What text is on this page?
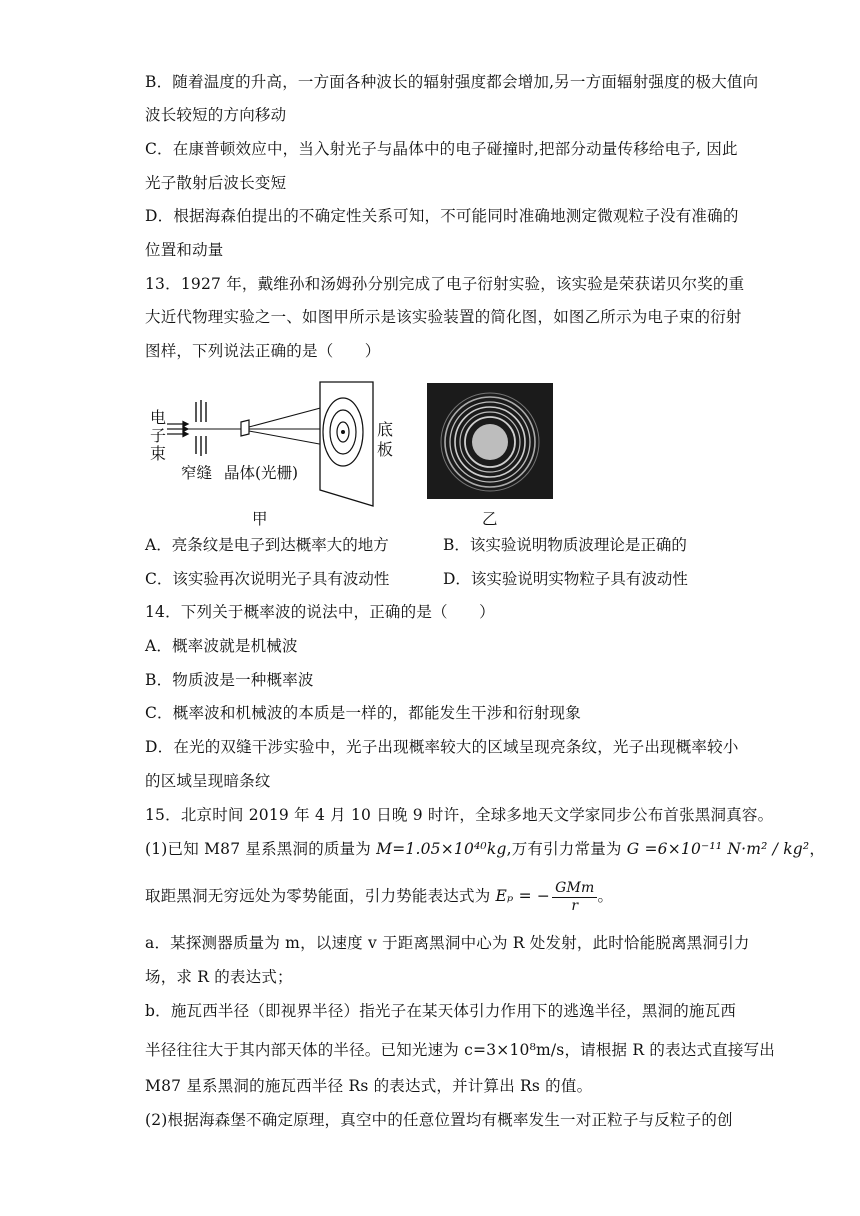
B．随着温度的升高，一方面各种波长的辐射强度都会增加,另一方面辐射强度的极大值向
波长较短的方向移动
C．在康普顿效应中，当入射光子与晶体中的电子碰撞时,把部分动量传移给电子, 因此
光子散射后波长变短
D．根据海森伯提出的不确定性关系可知，不可能同时准确地测定微观粒子没有准确的
位置和动量
13．1927 年，戴维孙和汤姆孙分别完成了电子衍射实验，该实验是荣获诺贝尔奖的重
大近代物理实验之一、如图甲所示是该实验装置的简化图，如图乙所示为电子束的衍射
图样，下列说法正确的是（　　）
电
子
束
窄缝 晶体(光栅)
底
板
甲	乙
A．亮条纹是电子到达概率大的地方	B．该实验说明物质波理论是正确的
C．该实验再次说明光子具有波动性	D．该实验说明实物粒子具有波动性
14．下列关于概率波的说法中，正确的是（　　）
A．概率波就是机械波
B．物质波是一种概率波
C．概率波和机械波的本质是一样的，都能发生干涉和衍射现象
D．在光的双缝干涉实验中，光子出现概率较大的区域呈现亮条纹，光子出现概率较小
的区域呈现暗条纹
15．北京时间 2019 年 4 月 10 日晚 9 时许，全球多地天文学家同步公布首张黑洞真容。
(1)已知 M87 星系黑洞的质量为 M=1.05×10⁴⁰kg,万有引力常量为 G =6×10⁻¹¹ N·m² / kg²，
取距黑洞无穷远处为零势能面，引力势能表达式为 Eₚ = − $\frac{\text{GMm}}{r}$ 。
a．某探测器质量为 m，以速度 v 于距离黑洞中心为 R 处发射，此时恰能脱离黑洞引力
场，求 R 的表达式；
b．施瓦西半径（即视界半径）指光子在某天体引力作用下的逃逸半径，黑洞的施瓦西
半径往往大于其内部天体的半径。已知光速为 c=3×10⁸m/s，请根据 R 的表达式直接写出
M87 星系黑洞的施瓦西半径 Rs 的表达式，并计算出 Rs 的值。
(2)根据海森堡不确定原理，真空中的任意位置均有概率发生一对正粒子与反粒子的创
